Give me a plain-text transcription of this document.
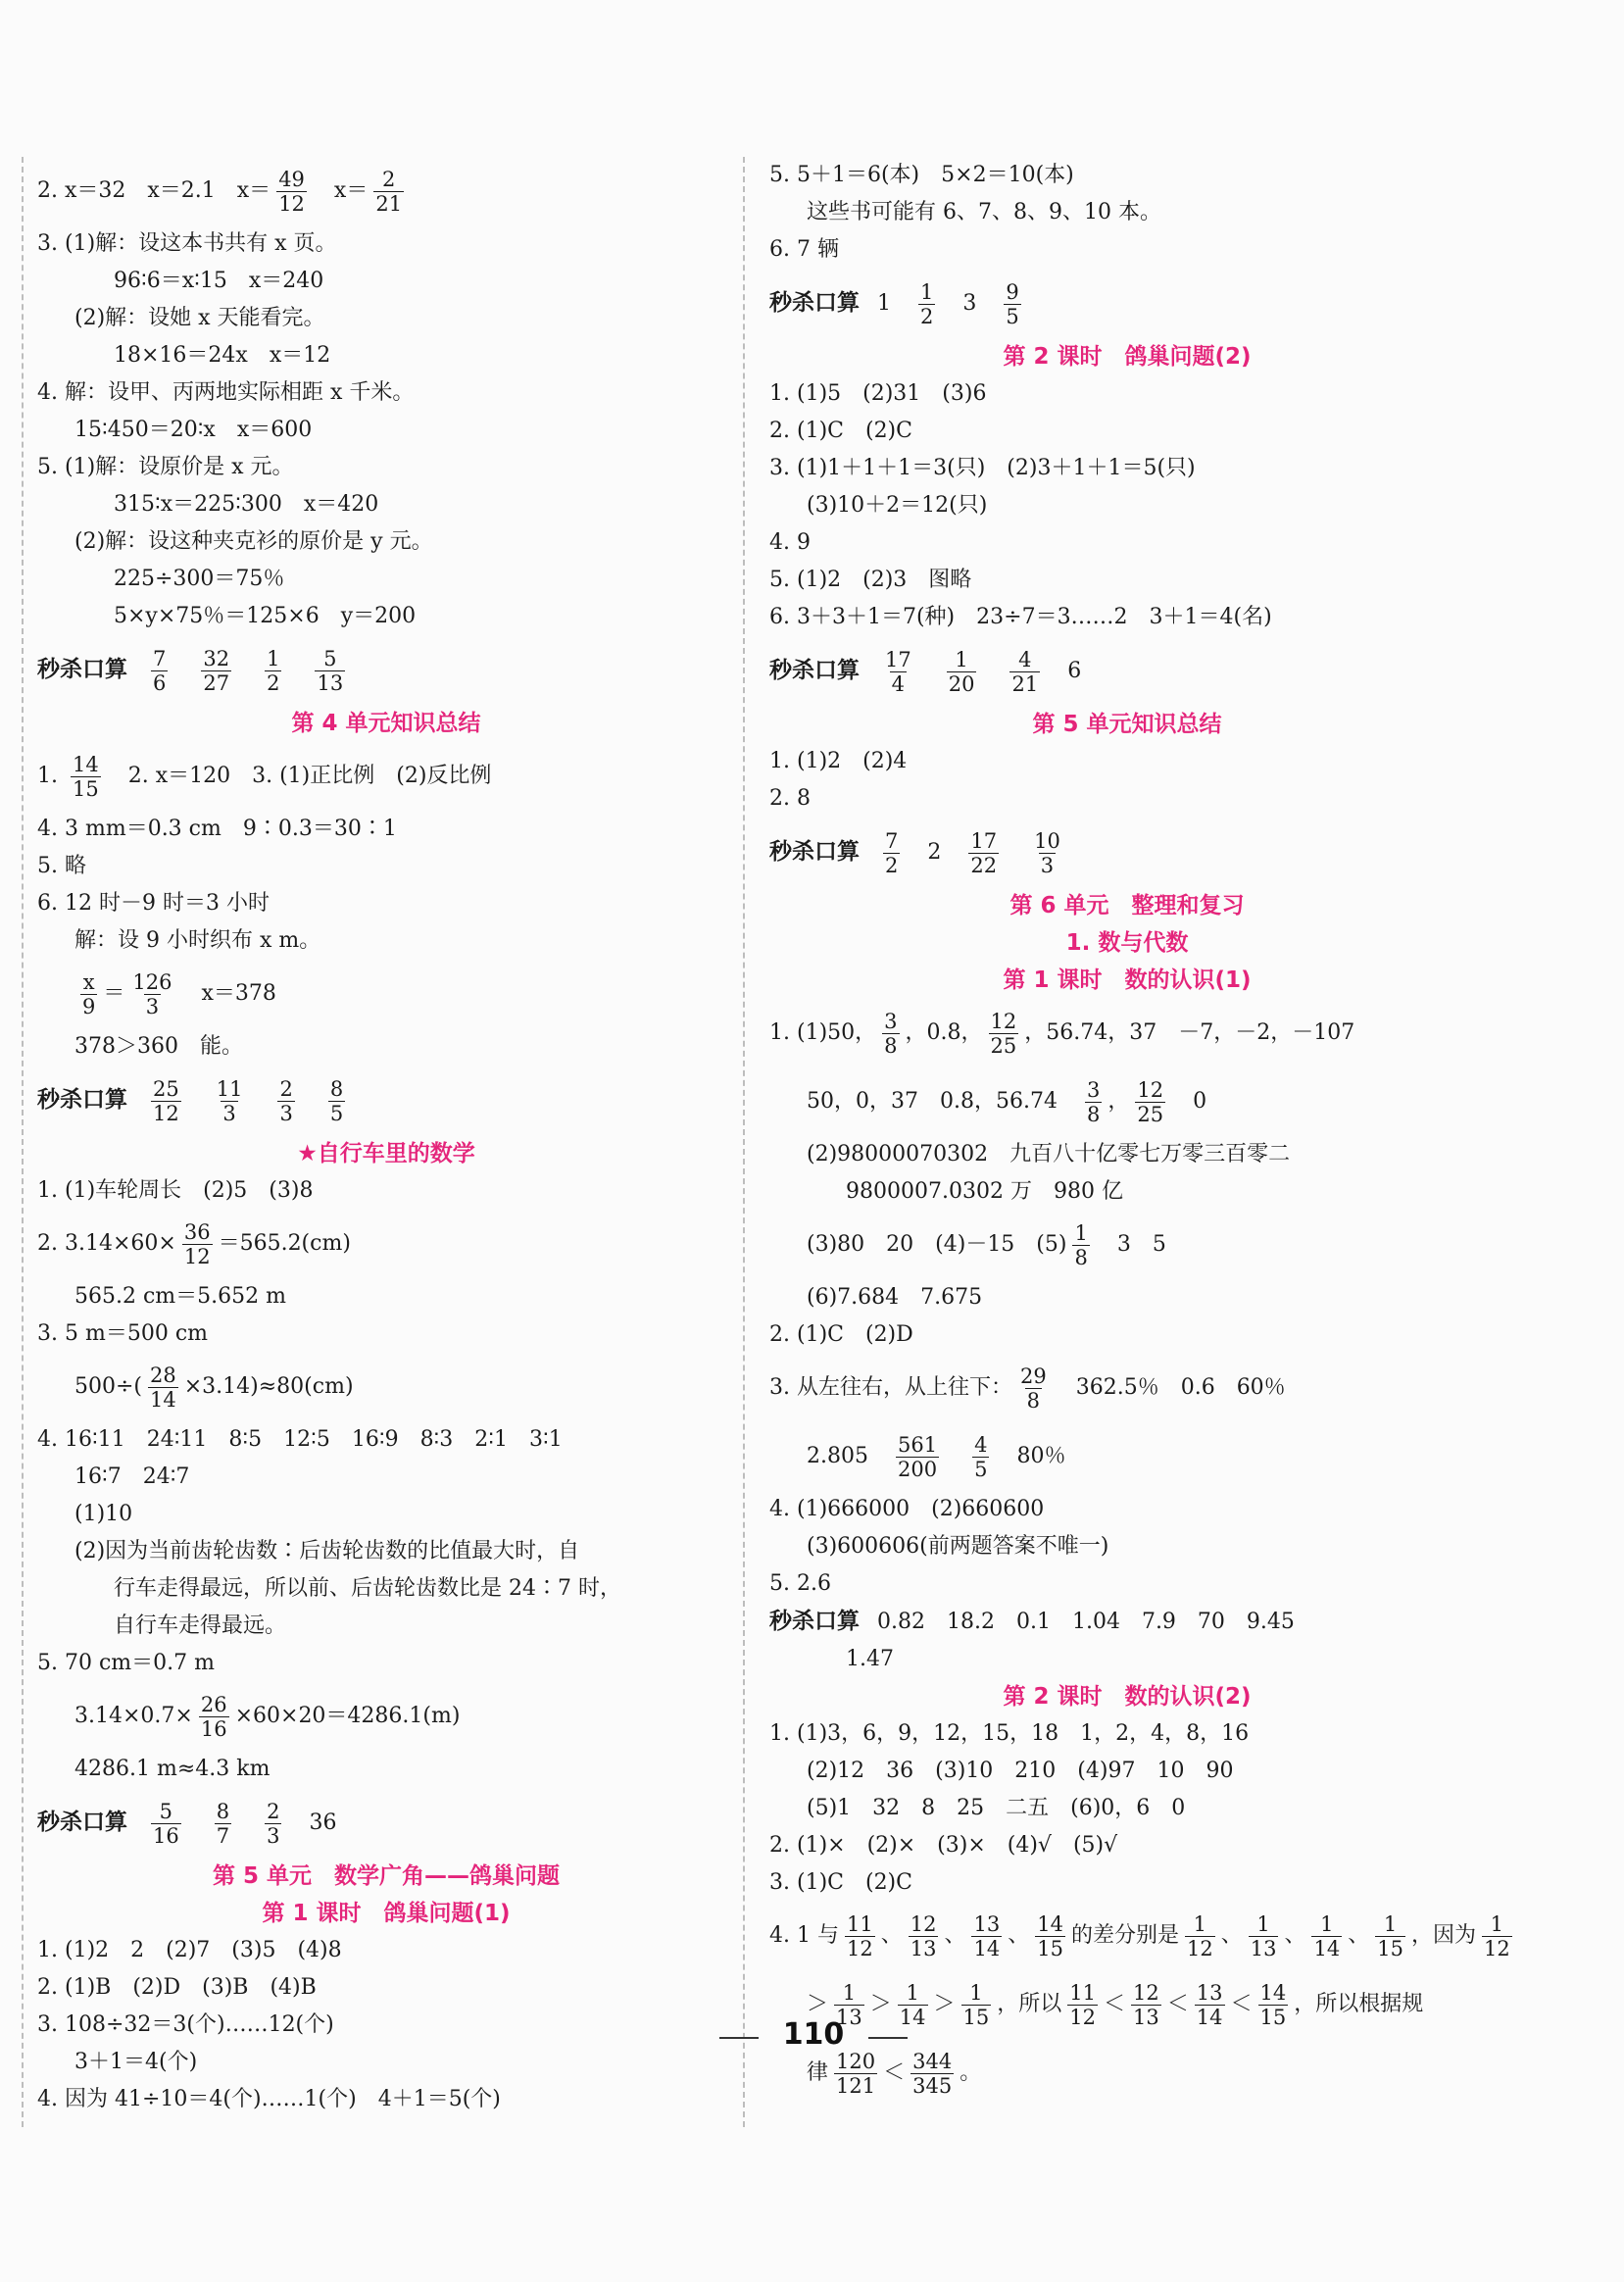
2. x＝32　x＝2.1　$x= \frac{49}{12}$ 　$x= \frac{2}{21}$
3. (1)解：设这本书共有 x 页。
96∶6＝x∶15　x＝240
(2)解：设她 x 天能看完。
18×16＝24x　x＝12
4. 解：设甲、丙两地实际相距 x 千米。
15∶450＝20∶x　x＝600
5. (1)解：设原价是 x 元。
315∶x＝225∶300　x＝420
(2)解：设这种夹克衫的原价是 y 元。
225÷300＝75％
5×y×75％＝125×6　y＝200
秒杀口算 $\frac{7}{6} \frac{32}{27} \frac{1}{2} \frac{5}{13}$
第 4 单元知识总结
1. $\frac{14}{15}$ 　2. x＝120　3. (1)正比例　(2)反比例
4. 3 mm＝0.3 cm　9∶0.3＝30∶1
5. 略
6. 12 时－9 时＝3 小时
解：设 9 小时织布 x m。
$\frac{x}{9} = \frac{126}{3}$ 　x＝378
378＞360　能。
秒杀口算 $\frac{25}{12} \frac{11}{3} \frac{2}{3} \frac{8}{5}$
★自行车里的数学
1. (1)车轮周长　(2)5　(3)8
2. $3.14\times 60\times \frac{36}{12} =565.2(cm)$
565.2 cm＝5.652 m
3. 5 m＝500 cm
$500\div( \frac{28}{14} \times 3.14)\approx 80(cm)$
4. 16∶11　24∶11　8∶5　12∶5　16∶9　8∶3　2∶1　3∶1
16∶7　24∶7
(1)10
(2)因为当前齿轮齿数∶后齿轮齿数的比值最大时，自
行车走得最远，所以前、后齿轮齿数比是 24∶7 时，
自行车走得最远。
5. 70 cm＝0.7 m
$3.14\times 0.7\times \frac{26}{16} \times 60\times 20=4286.1(m)$
4286.1 m≈4.3 km
秒杀口算 $\frac{5}{16} \frac{8}{7} \frac{2}{3} 36$
第 5 单元　数学广角——鸽巢问题
第 1 课时　鸽巢问题(1)
1. (1)2　2　(2)7　(3)5　(4)8
2. (1)B　(2)D　(3)B　(4)B
3. 108÷32＝3(个)……12(个)
3＋1＝4(个)
4. 因为 41÷10＝4(个)……1(个)　4＋1＝5(个)
5. 5＋1＝6(本)　5×2＝10(本)
这些书可能有 6、7、8、9、10 本。
6. 7 辆
秒杀口算 $1 \frac{1}{2} 3 \frac{9}{5}$
第 2 课时　鸽巢问题(2)
1. (1)5　(2)31　(3)6
2. (1)C　(2)C
3. (1)1＋1＋1＝3(只)　(2)3＋1＋1＝5(只)
(3)10＋2＝12(只)
4. 9
5. (1)2　(2)3　图略
6. 3＋3＋1＝7(种)　23÷7＝3……2　3＋1＝4(名)
秒杀口算 $\frac{17}{4} \frac{1}{20} \frac{4}{21} 6$
第 5 单元知识总结
1. (1)2　(2)4
2. 8
秒杀口算 $\frac{7}{2} 2 \frac{17}{22} \frac{10}{3}$
第 6 单元　整理和复习
1. 数与代数
第 1 课时　数的认识(1)
1. (1)50， $\frac{3}{8}$ ，0.8， $\frac{12}{25}$ ，56.74，37　－7，－2，－107
50，0，37　0.8，56.74　 $\frac{3}{8}$ ， $\frac{12}{25}$ 　0
(2)98000070302　九百八十亿零七万零三百零二
9800007.0302 万　980 亿
(3)80　20　(4)－15　$(5) \frac{1}{8}$ 　3　5
(6)7.684　7.675
2. (1)C　(2)D
3. 从左往右，从上往下： $\frac{29}{8}$ 　362.5％　0.6　60％
2.805　 $\frac{561}{200}$
　 $\frac{4}{5}$ 　80％
4. (1)666000　(2)660600
(3)600606(前两题答案不唯一)
5. 2.6
秒杀口算 0.82　18.2　0.1　1.04　7.9　70　9.45
1.47
第 2 课时　数的认识(2)
1. (1)3，6，9，12，15，18　1，2，4，8，16
(2)12　36　(3)10　210　(4)97　10　90
(5)1　32　8　25　二五　(6)0，6　0
2. (1)×　(2)×　(3)×　(4)√　(5)√
3. (1)C　(2)C
4. 1 与 $\frac{11}{12}$ 、 $\frac{12}{13}$ 、 $\frac{13}{14}$ 、 $\frac{14}{15}$ 的差分别是 $\frac{1}{12}$ 、 $\frac{1}{13}$ 、 $\frac{1}{14}$ 、 $\frac{1}{15}$ ，因为 $\frac{1}{12}$
＞ $\frac{1}{13} > \frac{1}{14} > \frac{1}{15}$ ，所以 $\frac{11}{12} < \frac{12}{13} < \frac{13}{14} < \frac{14}{15}$ ，所以根据规
律 $\frac{120}{121} < \frac{344}{345}$ 。
110
